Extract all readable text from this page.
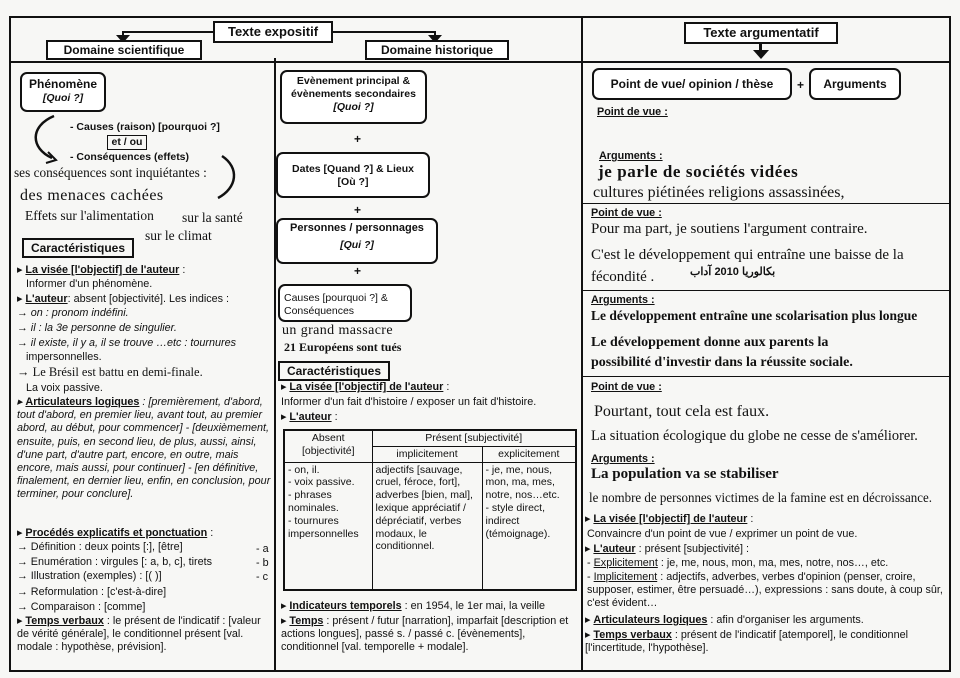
Texte expositif
Domaine scientifique	Domaine historique
Texte argumentatif
Phénomène
[Quoi ?]
- Causes (raison) [pourquoi ?]
et / ou
- Conséquences (effets)
ses conséquences sont inquiétantes :
des menaces cachées
Effets sur l'alimentation sur la santé
sur le climat
Caractéristiques
▸ La visée [l'objectif] de l'auteur :
Informer d'un phénomène.
▸ L'auteur: absent [objectivité]. Les indices :
→ on : pronom indéfini.
→ il : la 3e personne de singulier.
→ il existe, il y a, il se trouve …etc : tournures
impersonnelles.
→ Le Brésil est battu en demi-finale.
La voix passive.
▸ Articulateurs logiques : [premièrement, d'abord, tout d'abord, en premier lieu, avant tout, au premier abord, au début, pour commencer] - [deuxièmement, ensuite, puis, en second lieu, de plus, aussi, ainsi, d'une part, d'autre part, encore, en outre, mais encore, mais aussi, pour continuer] - [en définitive, finalement, en dernier lieu, enfin, en conclusion, pour terminer, pour conclure].
▸ Procédés explicatifs et ponctuation :
→ Définition : deux points [:], [être]
→ Enumération : virgules [: a, b, c], tirets
→ Illustration (exemples) : [( )]
- a
- b
- c
→ Reformulation : [c'est-à-dire]
→ Comparaison : [comme]
▸ Temps verbaux : le présent de l'indicatif : [valeur de vérité générale], le conditionnel présent [val. modale : hypothèse, prévision].
Evènement principal & évènements secondaires
[Quoi ?]
+
Dates [Quand ?] & Lieux [Où ?]
+
Personnes / personnages
[Qui ?]
+
Causes [pourquoi ?] & Conséquences
un grand massacre
21 Européens sont tués
Caractéristiques
▸ La visée [l'objectif] de l'auteur :
Informer d'un fait d'histoire / exposer un fait d'histoire.
▸ L'auteur :
Absent [objectivité]	Présent [subjectivité]	
	implicitement	explicitement
- on, il.
- voix passive.
- phrases nominales.
- tournures impersonnelles	adjectifs [sauvage, cruel, féroce, fort], adverbes [bien, mal], lexique appréciatif / dépréciatif, verbes modaux, le conditionnel.	- je, me, nous, mon, ma, mes, notre, nos…etc.
- style direct, indirect (témoignage).
▸ Indicateurs temporels : en 1954, le 1er mai, la veille
▸ Temps : présent / futur [narration], imparfait [description et actions longues], passé s. / passé c. [évènements], conditionnel [val. temporelle + modale].
Point de vue/ opinion / thèse	+	Arguments
Point de vue :
Arguments :
je parle de sociétés vidées
cultures piétinées religions assassinées,
Point de vue :
Pour ma part, je soutiens l'argument contraire.
C'est le développement qui entraîne une baisse de la
fécondité .	بكالوريا 2010 آداب
Arguments :
Le développement entraîne une scolarisation plus longue
Le développement donne aux parents la
possibilité d'investir dans la réussite sociale.
Point de vue :
Pourtant, tout cela est faux.
La situation écologique du globe ne cesse de s'améliorer.
Arguments :
La population va se stabiliser
le nombre de personnes victimes de la famine est en décroissance.
▸ La visée [l'objectif] de l'auteur :
Convaincre d'un point de vue / exprimer un point de vue.
▸ L'auteur : présent [subjectivité] :
- Explicitement : je, me, nous, mon, ma, mes, notre, nos…, etc.
- Implicitement : adjectifs, adverbes, verbes d'opinion (penser, croire, supposer, estimer, être persuadé…), expressions : sans doute, à coup sûr, c'est évident…
▸ Articulateurs logiques : afin d'organiser les arguments.
▸ Temps verbaux : présent de l'indicatif [atemporel], le conditionnel [l'incertitude, l'hypothèse].
